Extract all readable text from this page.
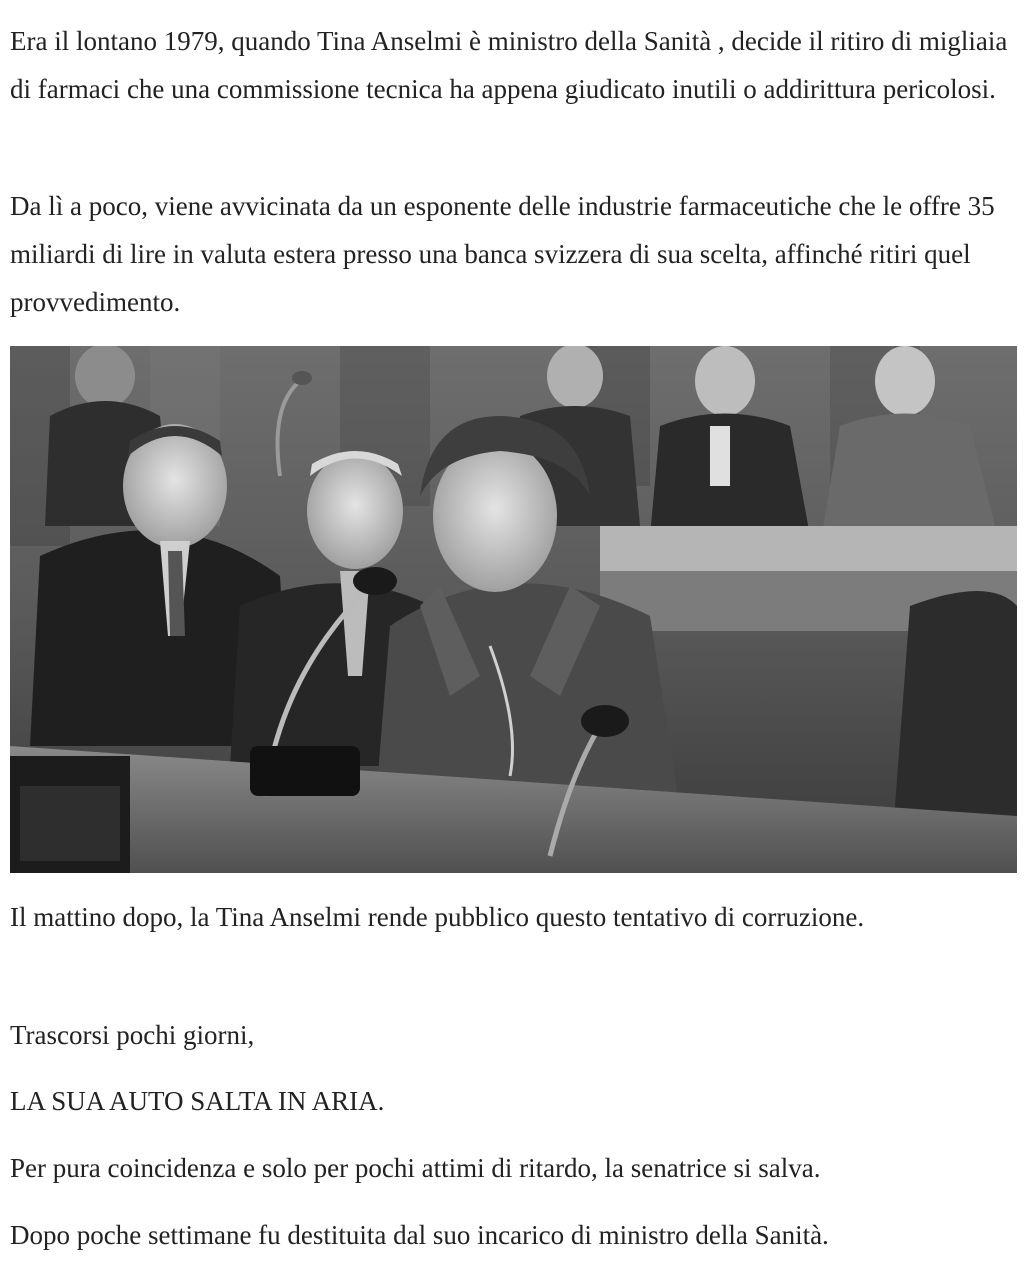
Era il lontano 1979, quando Tina Anselmi è ministro della Sanità , decide il ritiro di migliaia di farmaci che una commissione tecnica ha appena giudicato inutili o addirittura pericolosi.

Da lì a poco, viene avvicinata da un esponente delle industrie farmaceutiche che le offre 35 miliardi di lire in valuta estera presso una banca svizzera di sua scelta, affinché ritiri quel provvedimento.

Il mattino dopo, la Tina Anselmi rende pubblico questo tentativo di corruzione.

Trascorsi pochi giorni,

LA SUA AUTO SALTA IN ARIA.

Per pura coincidenza e solo per pochi attimi di ritardo, la senatrice si salva.

Dopo poche settimane fu destituita dal suo incarico di ministro della Sanità.
